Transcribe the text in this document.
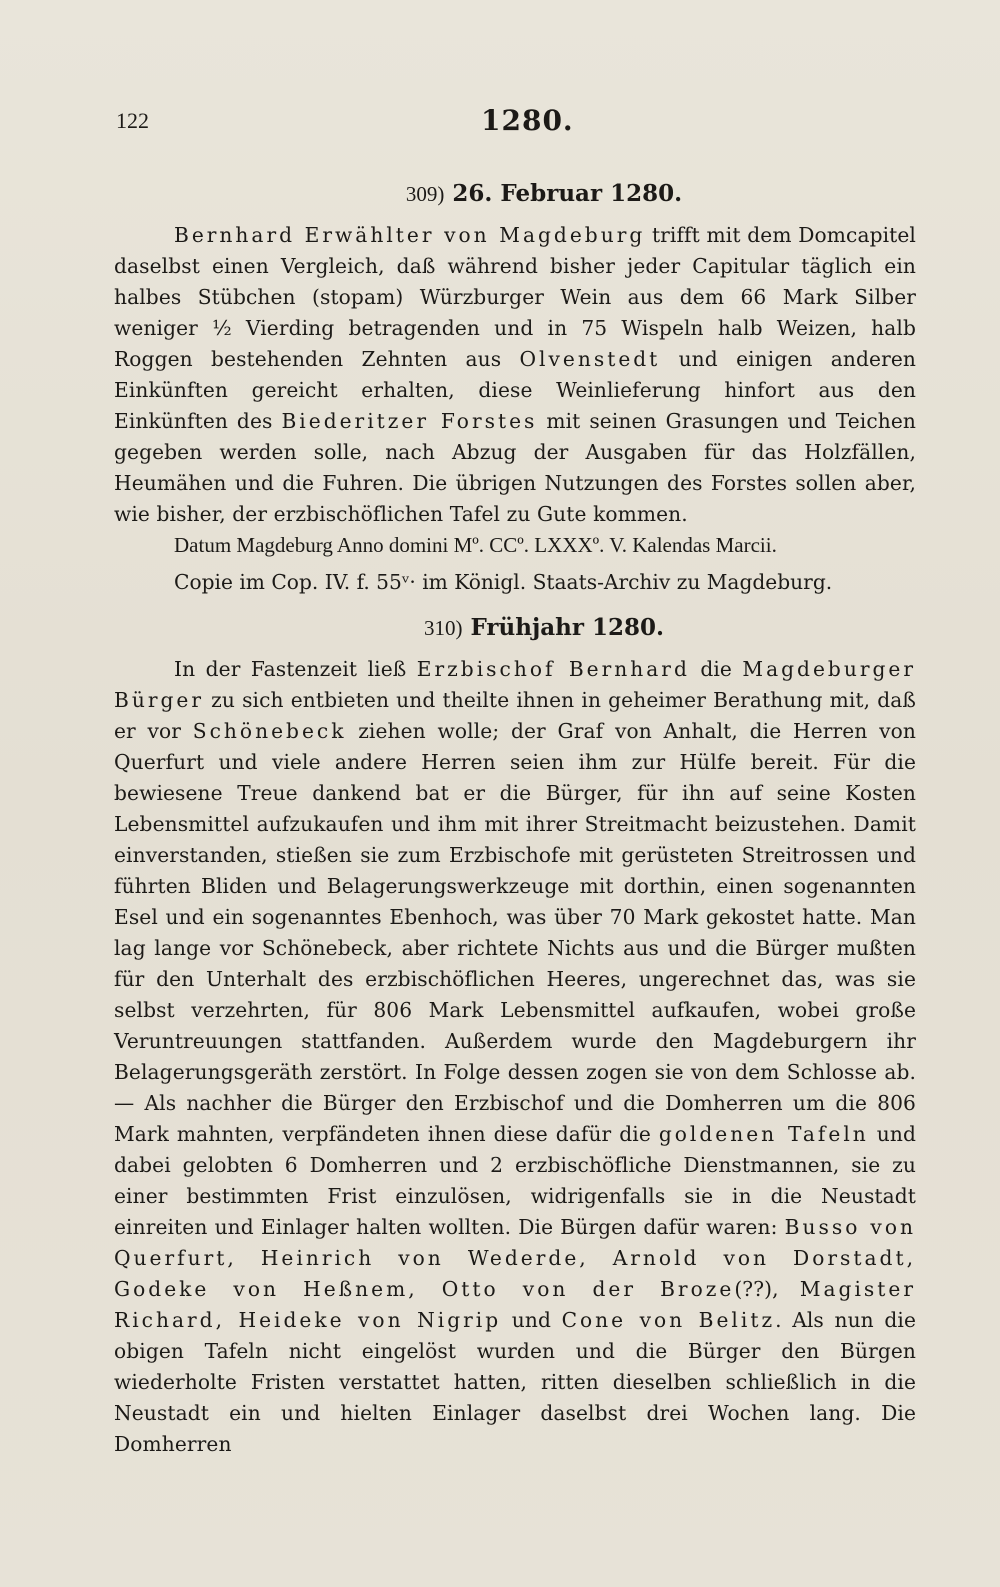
122	1280.
309) 26. Februar 1280.

Bernhard Erwählter von Magdeburg trifft mit dem Domcapitel daselbst einen Vergleich, daß während bisher jeder Capitular täglich ein halbes Stübchen (stopam) Würzburger Wein aus dem 66 Mark Silber weniger ½ Vierding betragenden und in 75 Wispeln halb Weizen, halb Roggen bestehenden Zehnten aus Olvenstedt und einigen anderen Einkünften gereicht erhalten, diese Weinlieferung hinfort aus den Einkünften des Biederitzer Forstes mit seinen Grasungen und Teichen gegeben werden solle, nach Abzug der Ausgaben für das Holzfällen, Heumähen und die Fuhren. Die übrigen Nutzungen des Forstes sollen aber, wie bisher, der erzbischöflichen Tafel zu Gute kommen.

Datum Magdeburg Anno domini Mº. CCº. LXXXº. V. Kalendas Marcii.

Copie im Cop. IV. f. 55ᵛ· im Königl. Staats-Archiv zu Magdeburg.

310) Frühjahr 1280.

In der Fastenzeit ließ Erzbischof Bernhard die Magdeburger Bürger zu sich entbieten und theilte ihnen in geheimer Berathung mit, daß er vor Schönebeck ziehen wolle; der Graf von Anhalt, die Herren von Querfurt und viele andere Herren seien ihm zur Hülfe bereit. Für die bewiesene Treue dankend bat er die Bürger, für ihn auf seine Kosten Lebensmittel aufzukaufen und ihm mit ihrer Streitmacht beizustehen. Damit einverstanden, stießen sie zum Erzbischofe mit gerüsteten Streitrossen und führten Bliden und Belagerungswerkzeuge mit dorthin, einen sogenannten Esel und ein sogenanntes Ebenhoch, was über 70 Mark gekostet hatte. Man lag lange vor Schönebeck, aber richtete Nichts aus und die Bürger mußten für den Unterhalt des erzbischöflichen Heeres, ungerechnet das, was sie selbst verzehrten, für 806 Mark Lebensmittel aufkaufen, wobei große Veruntreuungen stattfanden. Außerdem wurde den Magdeburgern ihr Belagerungsgeräth zerstört. In Folge dessen zogen sie von dem Schlosse ab. — Als nachher die Bürger den Erzbischof und die Domherren um die 806 Mark mahnten, verpfändeten ihnen diese dafür die goldenen Tafeln und dabei gelobten 6 Domherren und 2 erzbischöfliche Dienstmannen, sie zu einer bestimmten Frist einzulösen, widrigenfalls sie in die Neustadt einreiten und Einlager halten wollten. Die Bürgen dafür waren: Busso von Querfurt, Heinrich von Wederde, Arnold von Dorstadt, Godeke von Heßnem, Otto von der Broze(??), Magister Richard, Heideke von Nigrip und Cone von Belitz. Als nun die obigen Tafeln nicht eingelöst wurden und die Bürger den Bürgen wiederholte Fristen verstattet hatten, ritten dieselben schließlich in die Neustadt ein und hielten Einlager daselbst drei Wochen lang. Die Domherren
